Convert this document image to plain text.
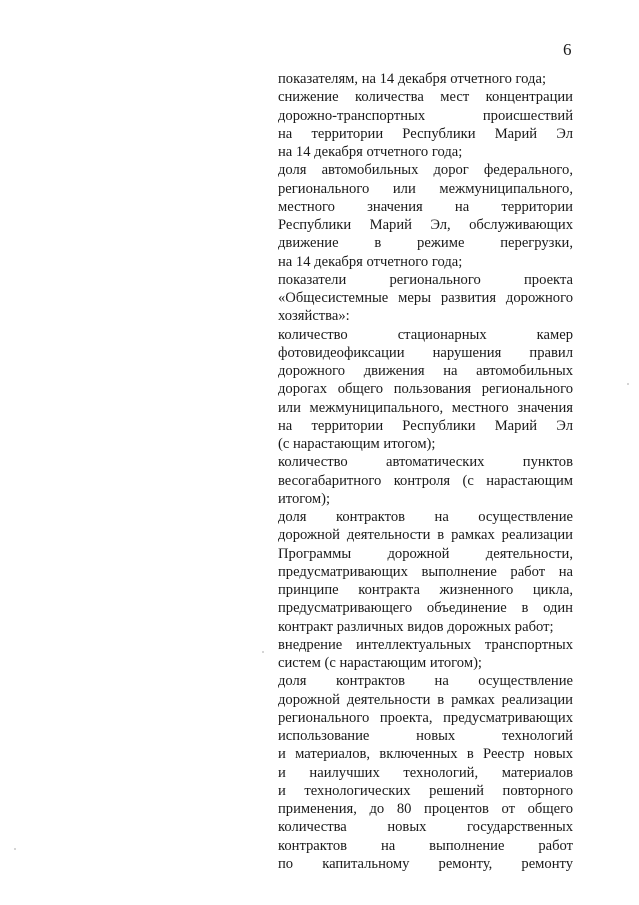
6
показателям, на 14 декабря отчетного года;
снижение количества мест концентрации
дорожно-транспортных происшествий
на территории Республики Марий Эл
на 14 декабря отчетного года;
доля автомобильных дорог федерального,
регионального или межмуниципального,
местного значения на территории
Республики Марий Эл, обслуживающих
движение в режиме перегрузки,
на 14 декабря отчетного года;
показатели регионального проекта
«Общесистемные меры развития дорожного
хозяйства»:
количество стационарных камер
фотовидеофиксации нарушения правил
дорожного движения на автомобильных
дорогах общего пользования регионального
или межмуниципального, местного значения
на территории Республики Марий Эл
(с нарастающим итогом);
количество автоматических пунктов
весогабаритного контроля (с нарастающим
итогом);
доля контрактов на осуществление
дорожной деятельности в рамках реализации
Программы дорожной деятельности,
предусматривающих выполнение работ на
принципе контракта жизненного цикла,
предусматривающего объединение в один
контракт различных видов дорожных работ;
внедрение интеллектуальных транспортных
систем (с нарастающим итогом);
доля контрактов на осуществление
дорожной деятельности в рамках реализации
регионального проекта, предусматривающих
использование новых технологий
и материалов, включенных в Реестр новых
и наилучших технологий, материалов
и технологических решений повторного
применения, до 80 процентов от общего
количества новых государственных
контрактов на выполнение работ
по капитальному ремонту, ремонту
